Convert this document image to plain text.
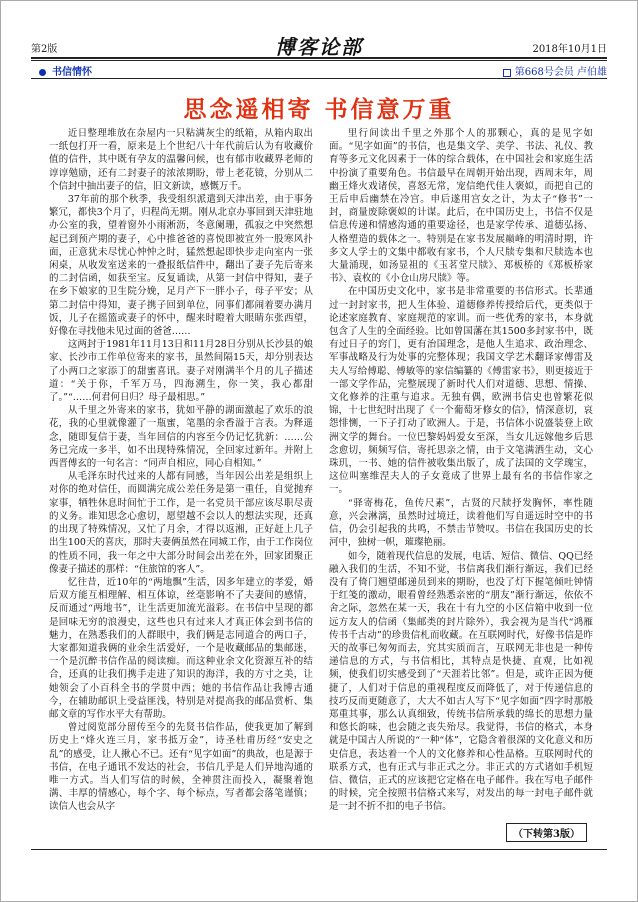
第2版	博客论部	2018年10月1日
书信情怀	第668号会员 卢伯雄
思念遥相寄 书信意万重

近日整理堆放在杂屋内一只粘满灰尘的纸箱，从箱内取出一纸包打开一看，原来是上个世纪八十年代前后认为有收藏价值的信件，其中既有孕友的温馨问候，也有郁市收藏界老师的谆谆勉励，还有二封妻子的浓浓期盼，带上老花镜，分别从二个信封中抽出妻子的信，旧文新读，感慨万千。

37年前的那个秋季，我受组织派遣到天津出差，由于事务繁冗，都快3个月了，归程尚无期。刚从北京办事回到天津驻地办公室的我，望着窗外小雨淅沥，冬意阑珊，孤寂之中突然想起已到预产期的妻子，心中推爸爸的喜悦即被宣外一股寒风扑面，正意犹未尽忧心忡忡之时，猛然想起即快步走向室内一张闲桌，从收发室送来的一叠报纸信件中，翻出了妻子先后寄来的二封信函，如获至宝。反复诵读，从第一封信中得知，妻子在乡下娘家的卫生院分娩，足月产下一胖小子，母子平安；从第二封信中得知，妻子携子回到单位，同事们都闹着要办满月饭，儿子在摇篮或妻子的怀中，醒来时瞪着大眼睛东张西望，好像在寻找他未见过面的爸爸……

这两封于1981年11月13日和11月28日分别从长沙县的娘家、长沙市工作单位寄来的家书，虽然间隔15天，却分别表达了小两口之家添丁的甜蜜喜讯。妻子对刚满半个月的儿子描述道：“关于你，千军万马，四海溯生，你一笑，我心都甜了。”“……何君何日归？母子最相思。”

从千里之外寄来的家书，犹如平静的湖面激起了欢乐的浪花，我的心里就像灌了一瓶蜜，笔墨的余香溢于言表。为释遥念，随即复信于妻，当年回信的内容至今仍记忆犹新：……公务已完成一多半，如不出现特殊情况，全回家过新年。并附上西晋傅玄的一句名言：“同声自相应，同心自相知。”

从毛泽东时代过来的人都有同感，当年因公出差是组织上对你的绝对信任，而圆满完成公差任务是第一重任，自觉抛弃家事，牺牲休息时间忙于工作，是一名党员干部应该尽职尽责的义务。谁知思念心愈切，愿望越不会以人的想法实现，还真的出现了特殊情况，又忙了月余，才得以返湘，正好赶上几子出生100天的喜庆，那时夫妻俩虽然在同城工作，由于工作岗位的性质不同，我一年之中大部分时间会出差在外，回家团聚正像妻子描述的那样：“住旅馆的客人”。

忆往昔，近10年的“两地飘”生活，因多年建立的孝爱，婚后双方能互相理解、相互体谅，丝毫影响不了夫妻间的感情，反而通过“两地书”，让生活更加流光溢彩。在书信中呈现的都是回味无穷的浪漫史，这些也只有过来人才真正体会到书信的魅力，在熟悉我们的人群眼中，我们俩是志同道合的两口子，大家都知道我俩的业余生活爱好，一个是收藏邮品的集邮迷，一个是沉醉书信作品的阅读痴。而这种业余文化资源互补的结合，还真的让我们携手走进了知识的海洋，我的方寸之美，让她领会了小百科全书的学贯中西；她的书信作品让我博古通今，在辅助邮识上受益匪浅，特别是对提高我的邮品赏析、集邮文章的写作水平大有帮助。

曾过阅览部分留传至今的先贤书信作品，使我更加了解到历史上“烽火连三月，家书抵万金”，诗圣杜甫历经“安史之乱”的感受，让人揪心不已。还有“见字如面”的典故，也是源于书信，在电子通讯不发达的社会，书信几乎是人们异地沟通的唯一方式。当人们写信的时候，全神贯注而投入，凝聚着饱满、丰厚的情感心，每个字、每个标点，写者都会落笔谨慎；读信人也会从字

里行间读出千里之外那个人的那颗心，真的是见字如面。“见字如面”的书信，也是集文学、美学、书法、礼仪、教育等多元文化因素于一体的综合载体，在中国社会和家庭生活中扮演了重要角色。书信最早在周朝开始出现，西周末年，周幽王烽火戏诸侯，喜怒无常，宠信绝代佳人褒姒，而把自己的王后申后幽禁在冷宫。申后遂用宫女之计，为太子“修书”一封，商量废除褒姒的计谋。此后，在中国历史上，书信不仅是信息传递和情感沟通的重要途径，也是家学传承、道德弘扬、人格塑造的载体之一。特别是在家书发展巅峰的明清时期，许多文人学士的文集中都收有家书，个人尺牍专集和尺牍选本也大量涌现，如汤显祖的《玉茗堂尺牍》、郑板桥的《郑板桥家书》、袁枚的《小仓山房尺牍》等。

在中国历史文化中，家书是非常重要的书信形式。长辈通过一封封家书，把人生体验、道德修养传授给后代，更类似于论述家庭教育、家庭规范的家训。而一些优秀的家书，本身就包含了人生的全面经验。比如曾国藩在其1500多封家书中，既有过日子的窍门，更有治国理念，是他人生追求、政治理念、军事战略及行为处事的完整体现；我国文学艺术翻译家傅雷及夫人写给傅聪、傅敏等的家信编纂的《傅雷家书》，则更接近于一部文学作品，完整展现了新时代人们对道德、思想、情操、文化修养的注重与追求。无独有偶，欧洲书信史也曾繁花似锦，十七世纪时出现了《一个葡萄牙修女的信》，情深意切，哀怨悱恻，一下子打动了欧洲人。于是，书信体小说盛装登上欧洲文学的舞台。一位巴黎妈妈爱女至深，当女儿远嫁他乡后思念愈切，频频写信，寄托思亲之情，由于文笔满洒生动，文心珠玑，一书、她的信件被收集出版了，成了法国的文学瑰宝，这位叫塞维涅夫人的子女竟成了世界上最有名的书信作家之一。

“驿寄梅花，鱼传尺素”，古贤的尺牍抒发胸怀，率性随意，兴会淋漓，虽然时过境迁，读着他们写自遥远时空中的书信，仍会引起我的共鸣，不禁击节赞叹。书信在我国历史的长河中，独树一帜，璀璨艳丽。

如今，随着现代信息的发展，电话、短信、微信、QQ已经融入我们的生活，不知不觉，书信离我们渐行渐远，我们已经没有了倚门翘望邮递员到来的期盼，也没了灯下握笔倾吐钟情于红笺的激动，眼看曾经熟悉亲密的“朋友”渐行渐远，依依不舍之际，忽然在某一天，我在十有九空的小区信箱中收到一位远方友人的信函（集邮类的封片除外），我会视为是当代“鸿雁传书千古动”的珍贵信札而收藏。在互联网时代，好像书信是昨天的故事已匆匆而去，究其实质而言，互联网无非也是一种传递信息的方式，与书信相比，其特点是快捷、直观，比如视频，使我们切实感受到了“天涯若比邻”。但是，或许正因为便捷了，人们对于信息的重视程度反而降低了，对于传递信息的技巧反而更随意了，大大不如古人写下“见字如面”四字时那般郑重其事，那么认真细致，传统书信所承载的绵长的思想力量和悠长韵味，也会随之丧失殆尽。我觉得，书信的格式，本身就是中国古人所说的“一种“体”，它隐含着很深的文化意义和历史信息，表达着一个人的文化修养和心性品格。互联网时代的联系方式，也有正式与非正式之分。非正式的方式诸如手机短信、微信，正式的应该把它定格在电子邮件。我在写电子邮件的时候，完全按照书信格式来写，对发出的每一封电子邮件就是一封不折不扣的电子书信。

（下转第3版）
